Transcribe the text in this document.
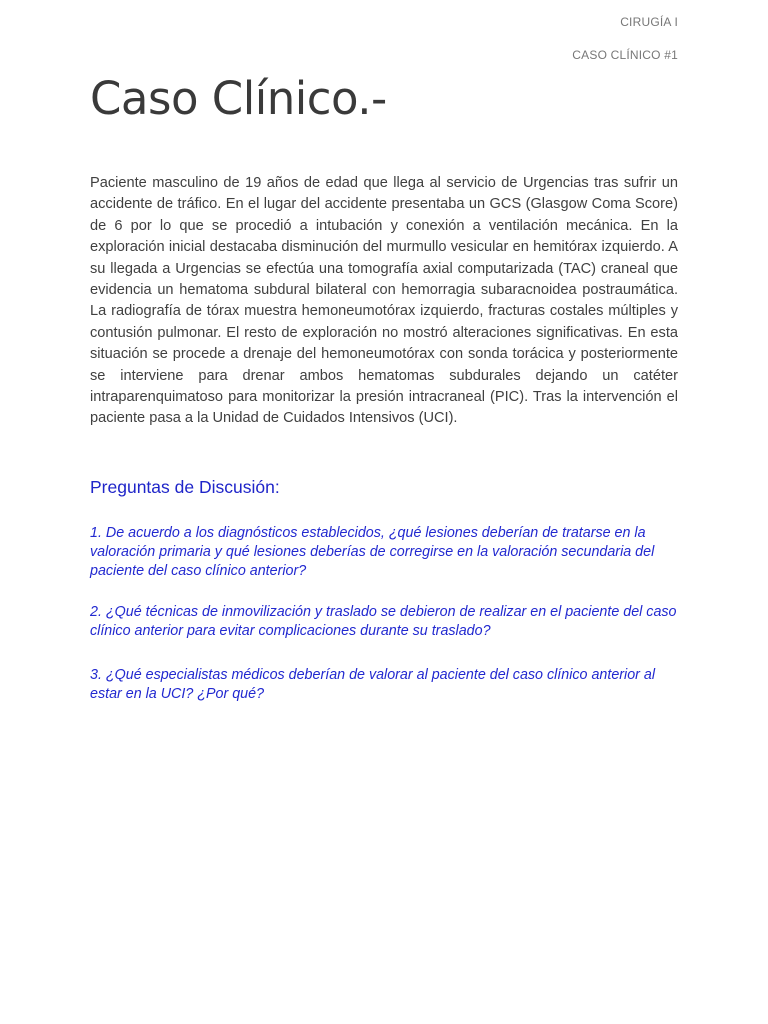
CIRUGÍA I
CASO CLÍNICO #1
Caso Clínico.-

Paciente masculino de 19 años de edad que llega al servicio de Urgencias tras sufrir un accidente de tráfico. En el lugar del accidente presentaba un GCS (Glasgow Coma Score) de 6 por lo que se procedió a intubación y conexión a ventilación mecánica. En la exploración inicial destacaba disminución del murmullo vesicular en hemitórax izquierdo. A su llegada a Urgencias se efectúa una tomografía axial computarizada (TAC) craneal que evidencia un hematoma subdural bilateral con hemorragia subaracnoidea postraumática. La radiografía de tórax muestra hemoneumotórax izquierdo, fracturas costales múltiples y contusión pulmonar. El resto de exploración no mostró alteraciones significativas. En esta situación se procede a drenaje del hemoneumotórax con sonda torácica y posteriormente se interviene para drenar ambos hematomas subdurales dejando un catéter intraparenquimatoso para monitorizar la presión intracraneal (PIC). Tras la intervención el paciente pasa a la Unidad de Cuidados Intensivos (UCI).

Preguntas de Discusión:

1. De acuerdo a los diagnósticos establecidos, ¿qué lesiones deberían de tratarse en la valoración primaria y qué lesiones deberías de corregirse en la valoración secundaria del paciente del caso clínico anterior?

2. ¿Qué técnicas de inmovilización y traslado se debieron de realizar en el paciente del caso clínico anterior para evitar complicaciones durante su traslado?

3. ¿Qué especialistas médicos deberían de valorar al paciente del caso clínico anterior al estar en la UCI? ¿Por qué?
